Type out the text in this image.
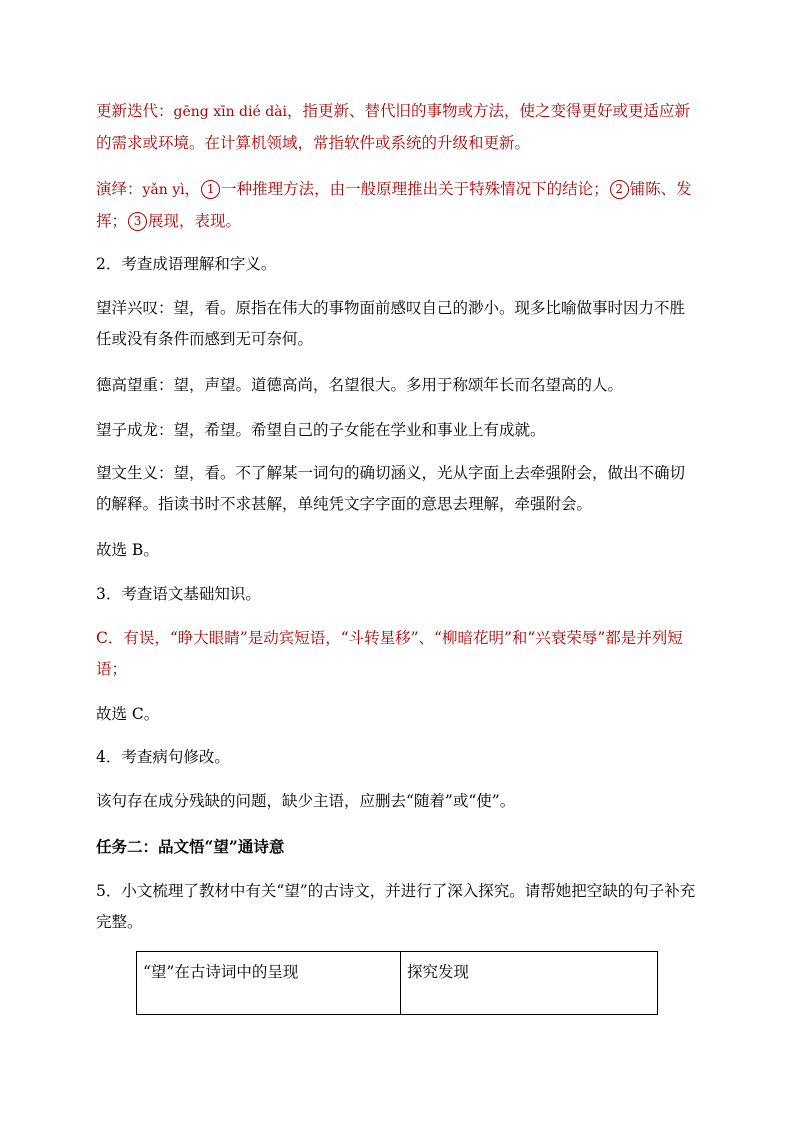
更新迭代：gēng xīn dié dài，指更新、替代旧的事物或方法，使之变得更好或更适应新的需求或环境。在计算机领域，常指软件或系统的升级和更新。

演绎：yǎn yì， 1 一种推理方法，由一般原理推出关于特殊情况下的结论； 2 铺陈、发挥； 3 展现，表现。

2．考查成语理解和字义。

望洋兴叹：望，看。原指在伟大的事物面前感叹自己的渺小。现多比喻做事时因力不胜任或没有条件而感到无可奈何。

德高望重：望，声望。道德高尚，名望很大。多用于称颂年长而名望高的人。

望子成龙：望，希望。希望自己的子女能在学业和事业上有成就。

望文生义：望，看。不了解某一词句的确切涵义，光从字面上去牵强附会，做出不确切的解释。指读书时不求甚解，单纯凭文字字面的意思去理解，牵强附会。

故选 B。

3．考查语文基础知识。

C．有误，“睁大眼睛”是动宾短语，“斗转星移”、“柳暗花明”和“兴衰荣辱”都是并列短语；

故选 C。

4．考查病句修改。

该句存在成分残缺的问题，缺少主语，应删去“随着”或“使”。

任务二：品文悟“望”通诗意

5．小文梳理了教材中有关“望”的古诗文，并进行了深入探究。请帮她把空缺的句子补充完整。

“望”在古诗词中的呈现	探究发现
